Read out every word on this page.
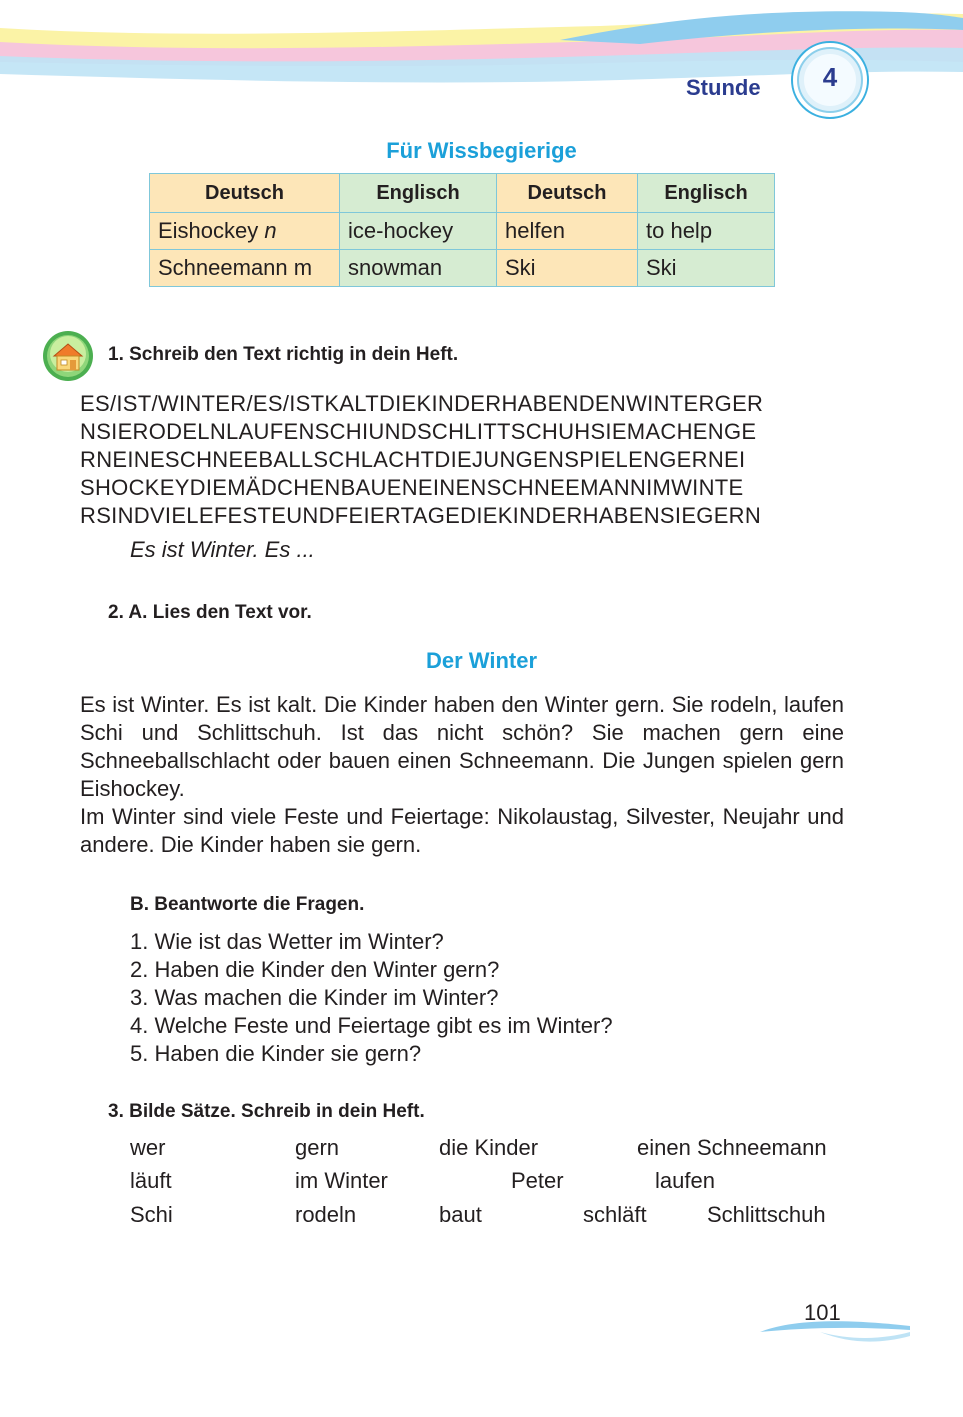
Stunde	4
Für Wissbegierige
Deutsch	Englisch	Deutsch	Englisch
Eishockey n	ice-hockey	helfen	to help
Schneemann m	snowman	Ski	Ski
1. Schreib den Text richtig in dein Heft.
ES/IST/WINTER/ES/ISTKALTDIEKINDERHABENDENWINTERGER
NSIERODELNLAUFENSCHIUNDSCHLITTSCHUHSIEMACHENGE
RNEINESCHNEEBALLSCHLACHTDIEJUNGENSPIELENGERNEI
SHOCKEYDIEMÄDCHENBAUENEINENSCHNEEMANNIMWINTE
RSINDVIELEFESTEUNDFEIERTAGEDIEKINDERHABENSIEGERN
Es ist Winter. Es ...
2. A. Lies den Text vor.
Der Winter

Es ist Winter. Es ist kalt. Die Kinder haben den Winter gern. Sie rodeln, laufen Schi und Schlittschuh. Ist das nicht schön? Sie machen gern eine Schneeballschlacht oder bauen einen Schneemann. Die Jungen spielen gern Eishockey.

Im Winter sind viele Feste und Feiertage: Nikolaustag, Silvester, Neujahr und andere. Die Kinder haben sie gern.

B. Beantworte die Fragen.
1. Wie ist das Wetter im Winter?
2. Haben die Kinder den Winter gern?
3. Was machen die Kinder im Winter?
4. Welche Feste und Feiertage gibt es im Winter?
5. Haben die Kinder sie gern?
3. Bilde Sätze. Schreib in dein Heft.
wer	gern	die Kinder	einen Schneemann
läuft	im Winter	Peter	laufen
Schi	rodeln	baut	schläft	Schlittschuh
101
